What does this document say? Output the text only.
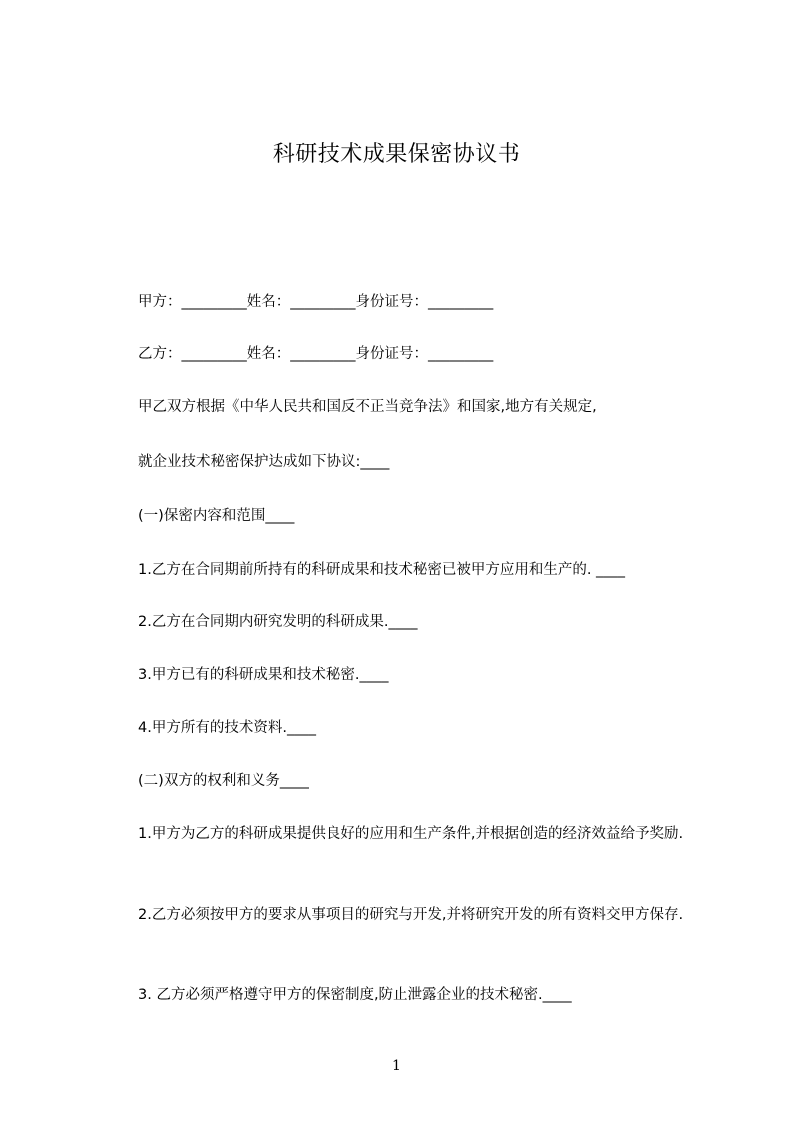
科研技术成果保密协议书
甲方：_________姓名：_________身份证号：_________
乙方：_________姓名：_________身份证号：_________
甲乙双方根据《中华人民共和国反不正当竞争法》和国家,地方有关规定,
就企业技术秘密保护达成如下协议:____
(一)保密内容和范围____
1.乙方在合同期前所持有的科研成果和技术秘密已被甲方应用和生产的. ____
2.乙方在合同期内研究发明的科研成果.____
3.甲方已有的科研成果和技术秘密.____
4.甲方所有的技术资料.____
(二)双方的权利和义务____
1.甲方为乙方的科研成果提供良好的应用和生产条件,并根据创造的经济效益给予奖励.
2.乙方必须按甲方的要求从事项目的研究与开发,并将研究开发的所有资料交甲方保存.
3. 乙方必须严格遵守甲方的保密制度,防止泄露企业的技术秘密.____
1
